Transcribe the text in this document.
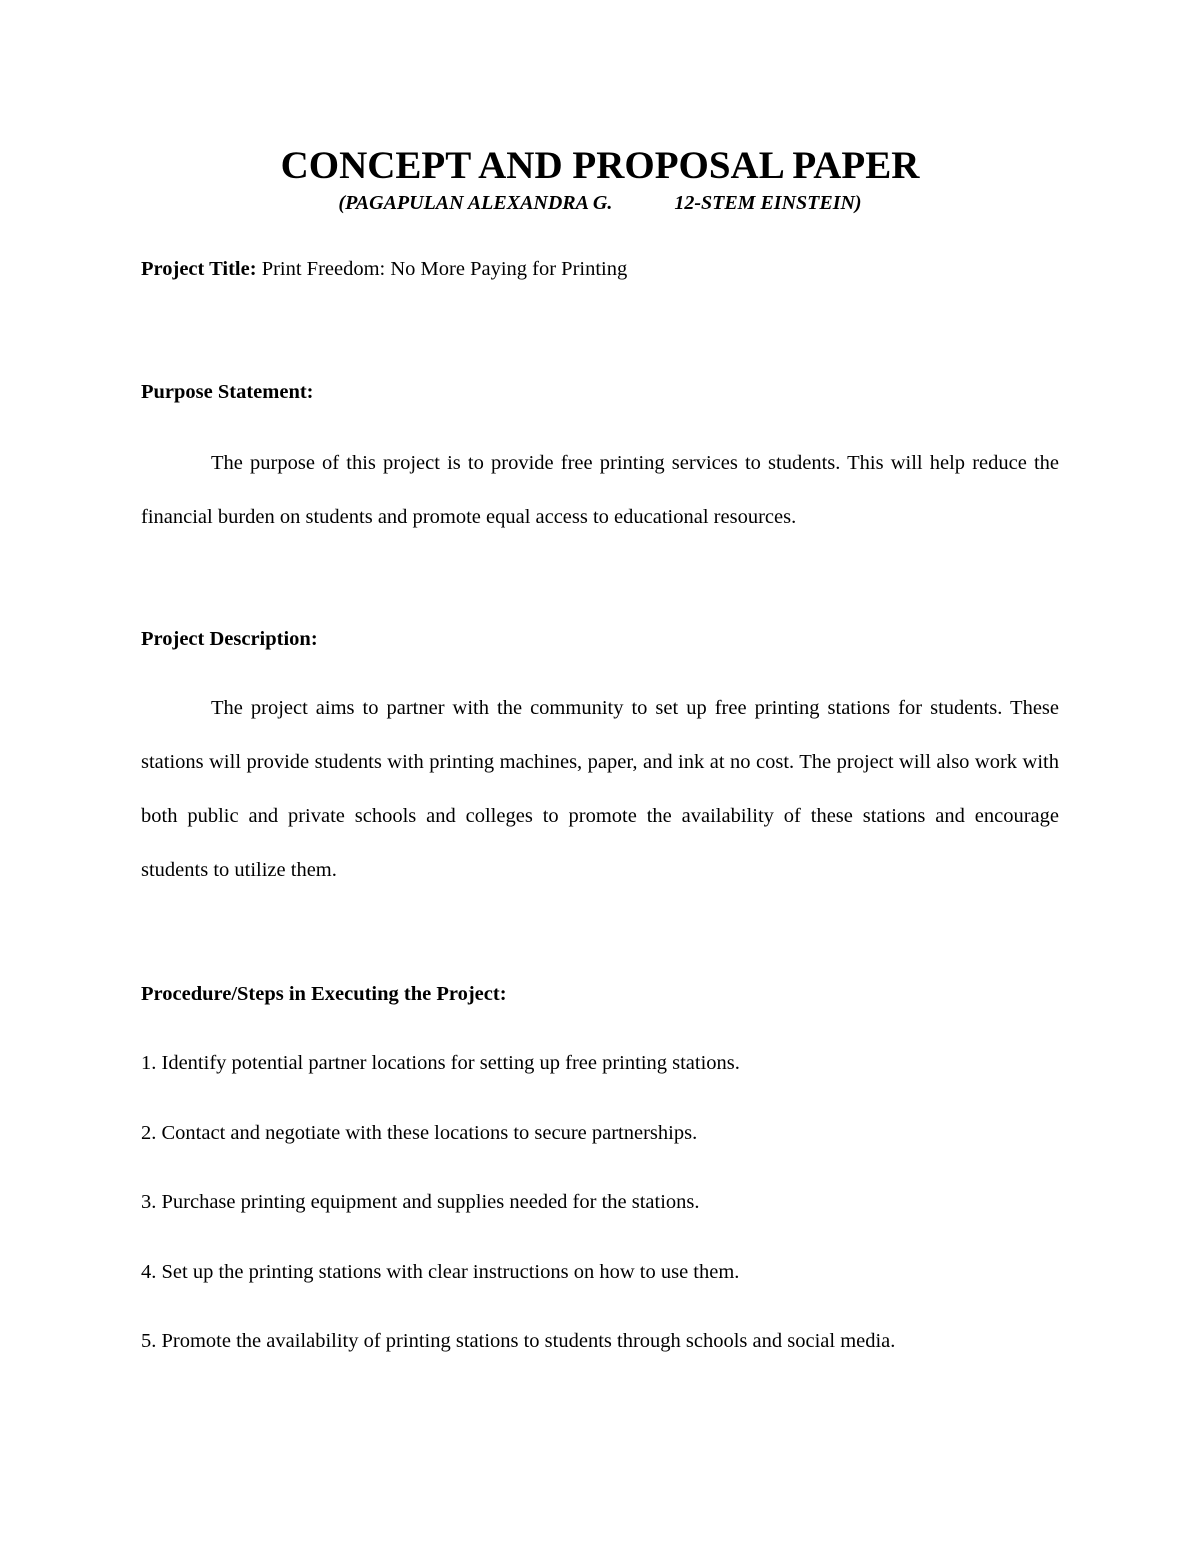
CONCEPT AND PROPOSAL PAPER
(PAGAPULAN ALEXANDRA G.	12-STEM EINSTEIN)
Project Title: Print Freedom: No More Paying for Printing
Purpose Statement:
The purpose of this project is to provide free printing services to students. This will help reduce the financial burden on students and promote equal access to educational resources.
Project Description:
The project aims to partner with the community to set up free printing stations for students. These stations will provide students with printing machines, paper, and ink at no cost. The project will also work with both public and private schools and colleges to promote the availability of these stations and encourage students to utilize them.
Procedure/Steps in Executing the Project:
1. Identify potential partner locations for setting up free printing stations.
2. Contact and negotiate with these locations to secure partnerships.
3. Purchase printing equipment and supplies needed for the stations.
4. Set up the printing stations with clear instructions on how to use them.
5. Promote the availability of printing stations to students through schools and social media.
